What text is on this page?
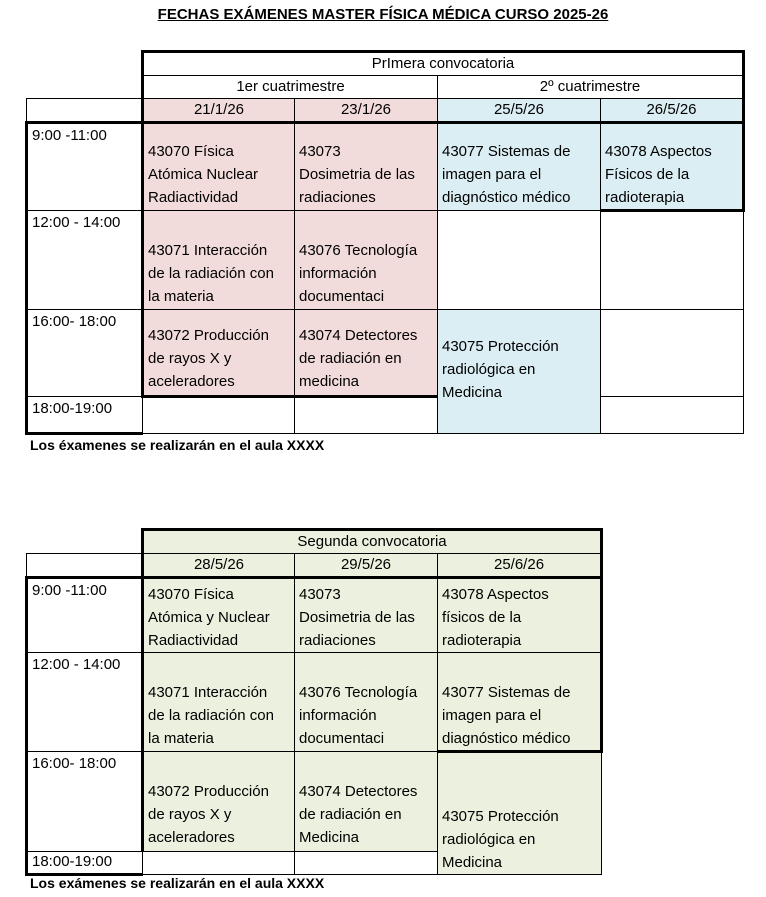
FECHAS EXÁMENES MASTER FÍSICA MÉDICA CURSO 2025-26
	PrImera convocatoria			
	1er cuatrimestre		2º cuatrimestre	
	21/1/26	23/1/26	25/5/26	26/5/26
9:00 -11:00	43070 Física
Atómica Nuclear
Radiactividad	43073
Dosimetria de las
radiaciones	43077 Sistemas de
imagen para el
diagnóstico médico	43078 Aspectos
Físicos de la
radioterapia
12:00 - 14:00	43071 Interacción
de la radiación con
la materia	43076 Tecnología
información
documentaci		
16:00- 18:00	43072 Producción
de rayos X y
aceleradores	43074 Detectores
de radiación en
medicina	43075 Protección
radiológica en
Medicina	
18:00-19:00				
Los éxamenes se realizarán en el aula XXXX
	Segunda convocatoria		
	28/5/26	29/5/26	25/6/26
9:00 -11:00	43070 Física
Atómica y Nuclear
Radiactividad	43073
Dosimetria de las
radiaciones	43078 Aspectos
físicos de la
radioterapia
12:00 - 14:00	43071 Interacción
de la radiación con
la materia	43076 Tecnología
información
documentaci	43077 Sistemas de
imagen para el
diagnóstico médico
16:00- 18:00	43072 Producción
de rayos X y
aceleradores	43074 Detectores
de radiación en
Medicina	43075 Protección
radiológica en
Medicina
18:00-19:00			
Los exámenes se realizarán en el aula XXXX
